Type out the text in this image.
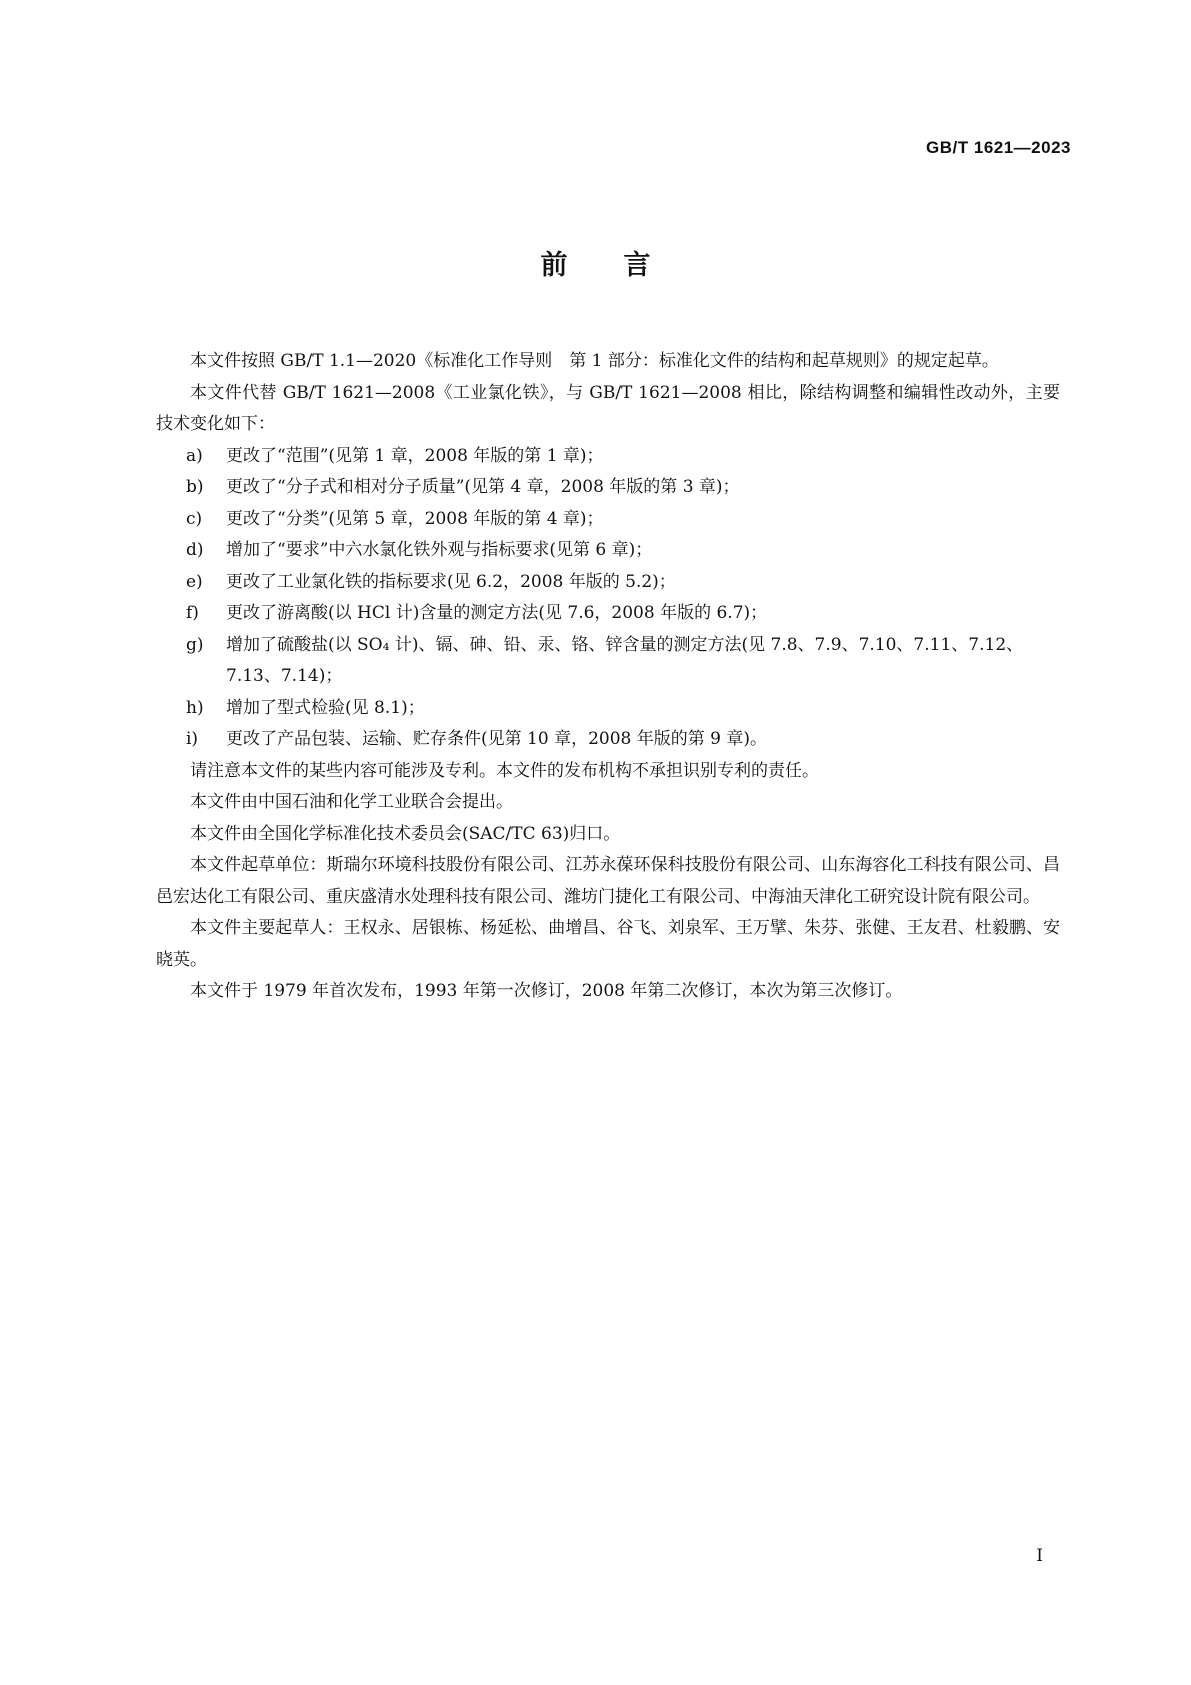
GB/T 1621—2023
前言

本文件按照 GB/T 1.1—2020《标准化工作导则　第 1 部分：标准化文件的结构和起草规则》的规定起草。

本文件代替 GB/T 1621—2008《工业氯化铁》，与 GB/T 1621—2008 相比，除结构调整和编辑性改动外，主要技术变化如下：

a)	更改了“范围”(见第 1 章，2008 年版的第 1 章)；
b)	更改了“分子式和相对分子质量”(见第 4 章，2008 年版的第 3 章)；
c)	更改了“分类”(见第 5 章，2008 年版的第 4 章)；
d)	增加了“要求”中六水氯化铁外观与指标要求(见第 6 章)；
e)	更改了工业氯化铁的指标要求(见 6.2，2008 年版的 5.2)；
f)	更改了游离酸(以 HCl 计)含量的测定方法(见 7.6，2008 年版的 6.7)；
g)	增加了硫酸盐(以 SO₄ 计)、镉、砷、铅、汞、铬、锌含量的测定方法(见 7.8、7.9、7.10、7.11、7.12、7.13、7.14)；
h)	增加了型式检验(见 8.1)；
i)	更改了产品包装、运输、贮存条件(见第 10 章，2008 年版的第 9 章)。

请注意本文件的某些内容可能涉及专利。本文件的发布机构不承担识别专利的责任。

本文件由中国石油和化学工业联合会提出。

本文件由全国化学标准化技术委员会(SAC/TC 63)归口。

本文件起草单位：斯瑞尔环境科技股份有限公司、江苏永葆环保科技股份有限公司、山东海容化工科技有限公司、昌邑宏达化工有限公司、重庆盛清水处理科技有限公司、潍坊门捷化工有限公司、中海油天津化工研究设计院有限公司。

本文件主要起草人：王权永、居银栋、杨延松、曲增昌、谷飞、刘泉军、王万擘、朱芬、张健、王友君、杜毅鹏、安晓英。

本文件于 1979 年首次发布，1993 年第一次修订，2008 年第二次修订，本次为第三次修订。

I
